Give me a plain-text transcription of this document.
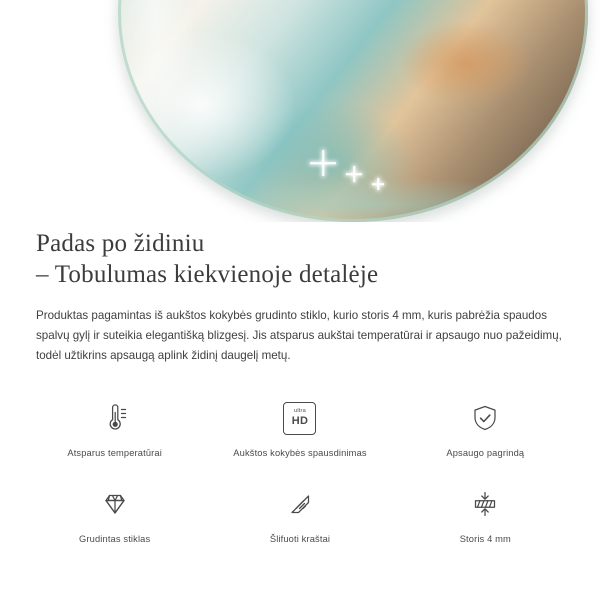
Padas po židiniu
– Tobulumas kiekvienoje detalėje

Produktas pagamintas iš aukštos kokybės grudinto stiklo, kurio storis 4 mm, kuris pabrėžia spaudos spalvų gylį ir suteikia elegantišką blizgesį. Jis atsparus aukštai temperatūrai ir apsaugo nuo pažeidimų, todėl užtikrins apsaugą aplink židinį daugelį metų.

Atsparus temperatūrai
ultra
HD
Aukštos kokybės spausdinimas	Apsaugo pagrindą
Grudintas stiklas	Šlifuoti kraštai	Storis 4 mm
